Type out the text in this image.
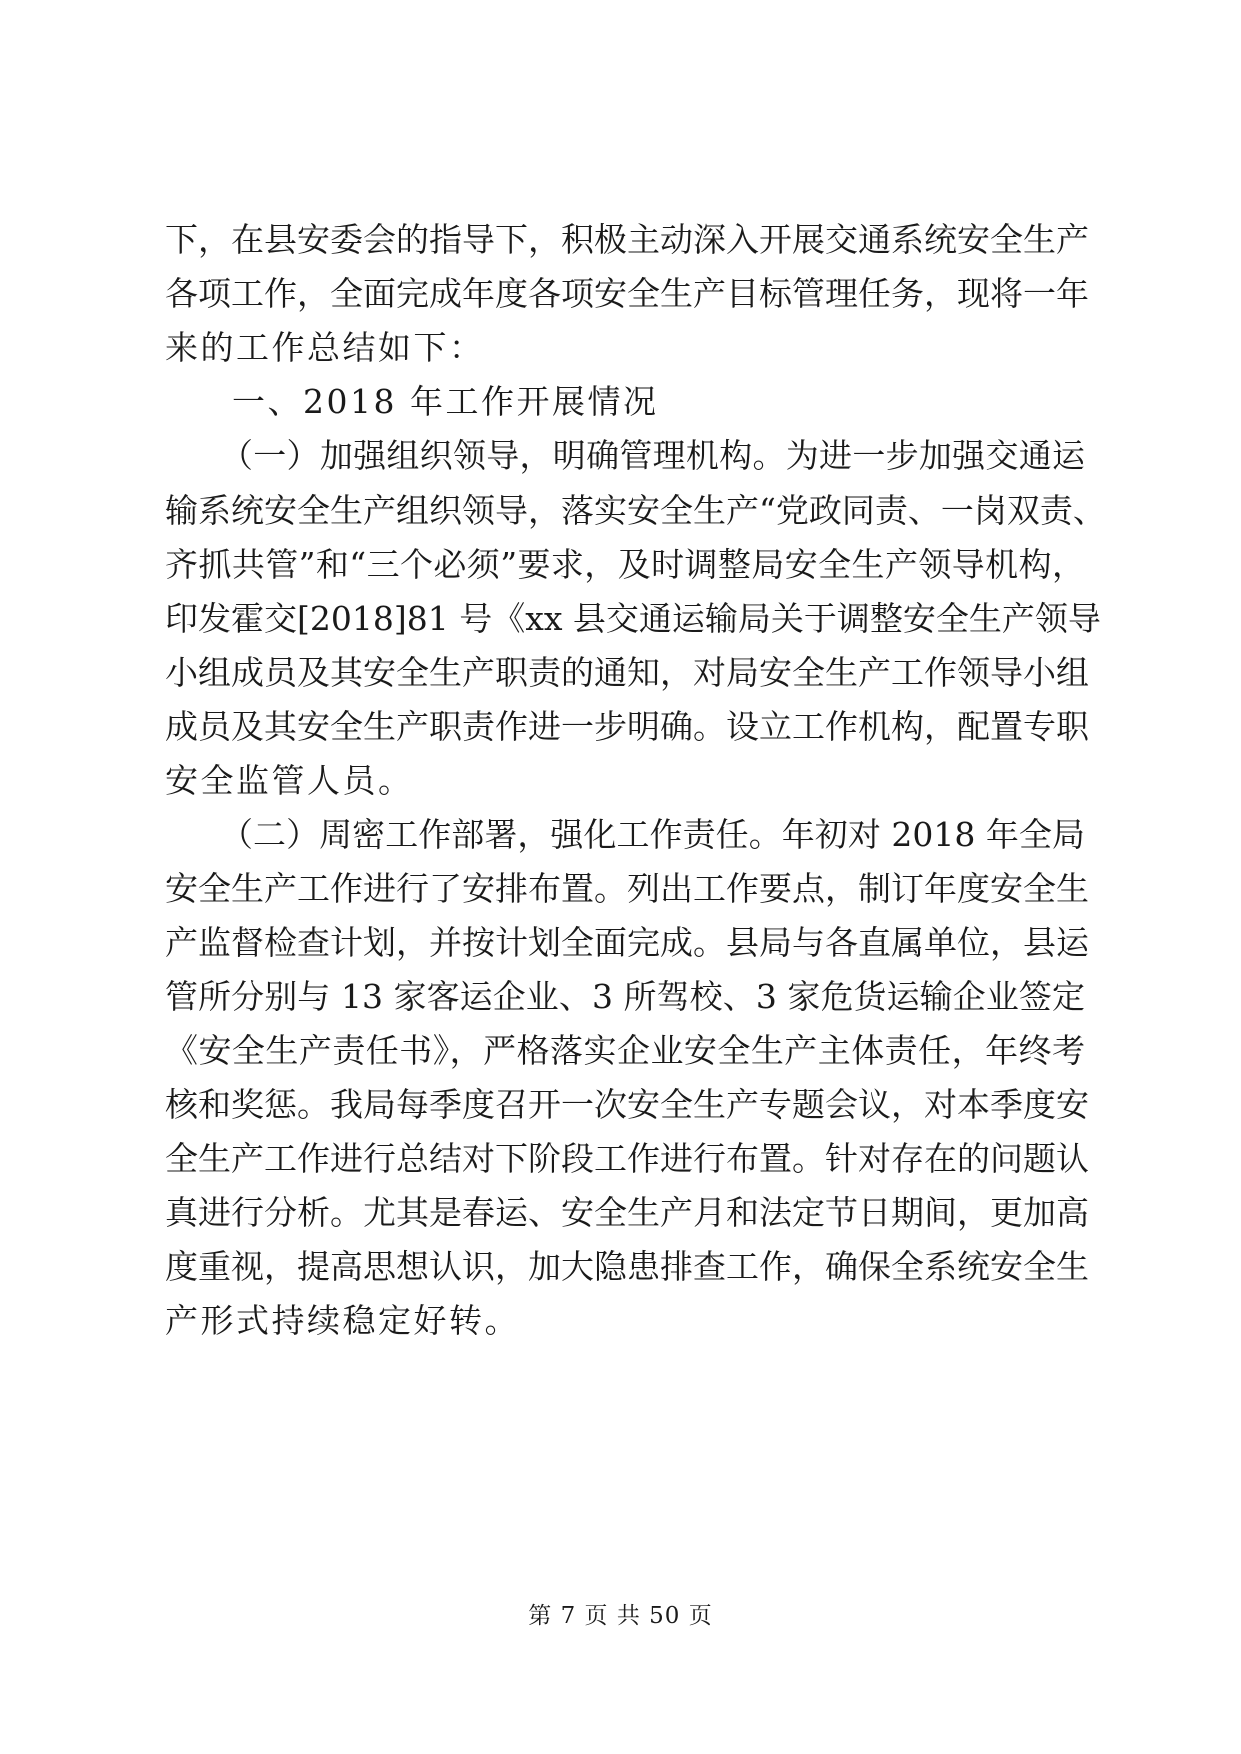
下，在县安委会的指导下，积极主动深入开展交通系统安全生产
各项工作，全面完成年度各项安全生产目标管理任务，现将一年
来的工作总结如下：
一、2018 年工作开展情况
（一）加强组织领导，明确管理机构。为进一步加强交通运
输系统安全生产组织领导，落实安全生产“党政同责、一岗双责、
齐抓共管”和“三个必须”要求，及时调整局安全生产领导机构，
印发霍交[2018]81 号《xx 县交通运输局关于调整安全生产领导
小组成员及其安全生产职责的通知，对局安全生产工作领导小组
成员及其安全生产职责作进一步明确。设立工作机构，配置专职
安全监管人员。
（二）周密工作部署，强化工作责任。年初对 2018 年全局
安全生产工作进行了安排布置。列出工作要点，制订年度安全生
产监督检查计划，并按计划全面完成。县局与各直属单位，县运
管所分别与 13 家客运企业、3 所驾校、3 家危货运输企业签定
《安全生产责任书》，严格落实企业安全生产主体责任，年终考
核和奖惩。我局每季度召开一次安全生产专题会议，对本季度安
全生产工作进行总结对下阶段工作进行布置。针对存在的问题认
真进行分析。尤其是春运、安全生产月和法定节日期间，更加高
度重视，提高思想认识，加大隐患排查工作，确保全系统安全生
产形式持续稳定好转。
第 7 页 共 50 页
